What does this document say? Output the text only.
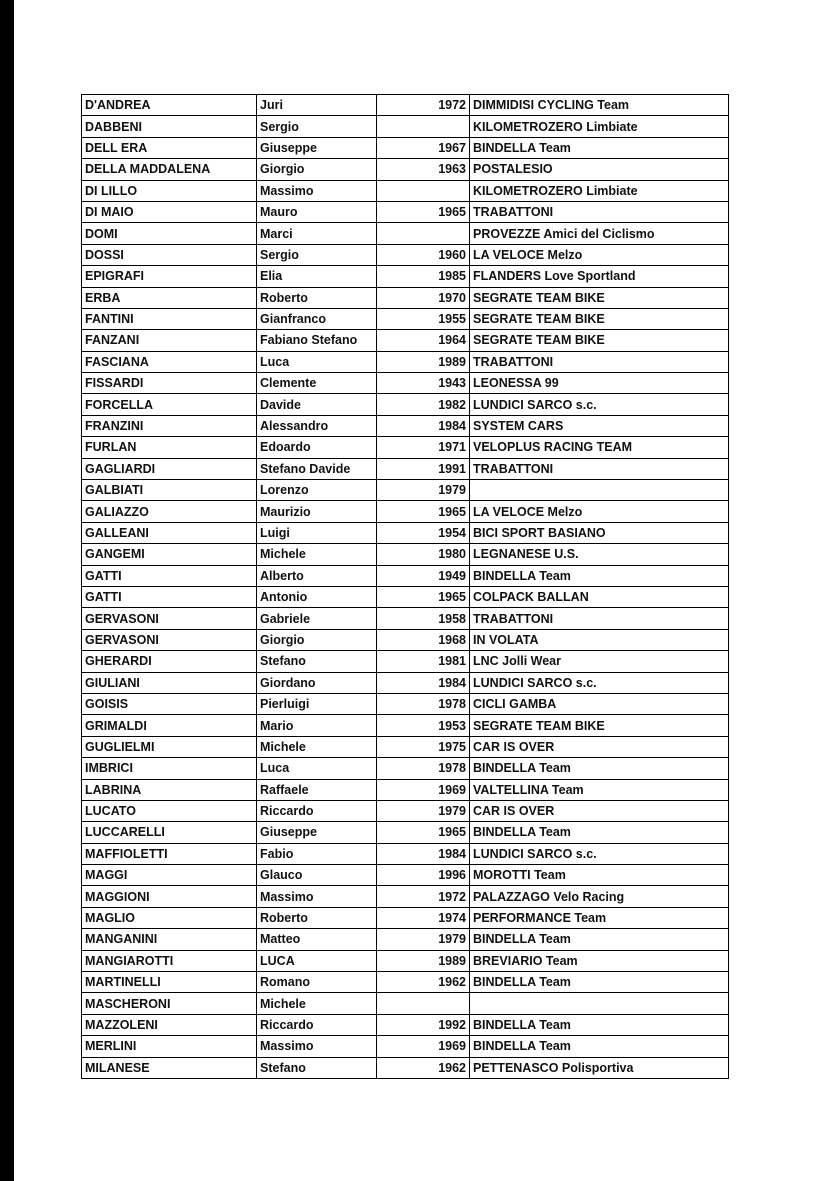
D'ANDREA	Juri	1972	DIMMIDISI CYCLING Team
DABBENI	Sergio		KILOMETROZERO Limbiate
DELL ERA	Giuseppe	1967	BINDELLA Team
DELLA MADDALENA	Giorgio	1963	POSTALESIO
DI LILLO	Massimo		KILOMETROZERO Limbiate
DI MAIO	Mauro	1965	TRABATTONI
DOMI	Marci		PROVEZZE Amici del Ciclismo
DOSSI	Sergio	1960	LA VELOCE Melzo
EPIGRAFI	Elia	1985	FLANDERS Love Sportland
ERBA	Roberto	1970	SEGRATE TEAM BIKE
FANTINI	Gianfranco	1955	SEGRATE TEAM BIKE
FANZANI	Fabiano Stefano	1964	SEGRATE TEAM BIKE
FASCIANA	Luca	1989	TRABATTONI
FISSARDI	Clemente	1943	LEONESSA 99
FORCELLA	Davide	1982	LUNDICI SARCO s.c.
FRANZINI	Alessandro	1984	SYSTEM CARS
FURLAN	Edoardo	1971	VELOPLUS RACING TEAM
GAGLIARDI	Stefano Davide	1991	TRABATTONI
GALBIATI	Lorenzo	1979	
GALIAZZO	Maurizio	1965	LA VELOCE Melzo
GALLEANI	Luigi	1954	BICI SPORT BASIANO
GANGEMI	Michele	1980	LEGNANESE U.S.
GATTI	Alberto	1949	BINDELLA Team
GATTI	Antonio	1965	COLPACK BALLAN
GERVASONI	Gabriele	1958	TRABATTONI
GERVASONI	Giorgio	1968	IN VOLATA
GHERARDI	Stefano	1981	LNC Jolli Wear
GIULIANI	Giordano	1984	LUNDICI SARCO s.c.
GOISIS	Pierluigi	1978	CICLI GAMBA
GRIMALDI	Mario	1953	SEGRATE TEAM BIKE
GUGLIELMI	Michele	1975	CAR IS OVER
IMBRICI	Luca	1978	BINDELLA Team
LABRINA	Raffaele	1969	VALTELLINA Team
LUCATO	Riccardo	1979	CAR IS OVER
LUCCARELLI	Giuseppe	1965	BINDELLA Team
MAFFIOLETTI	Fabio	1984	LUNDICI SARCO s.c.
MAGGI	Glauco	1996	MOROTTI Team
MAGGIONI	Massimo	1972	PALAZZAGO Velo Racing
MAGLIO	Roberto	1974	PERFORMANCE Team
MANGANINI	Matteo	1979	BINDELLA Team
MANGIAROTTI	LUCA	1989	BREVIARIO Team
MARTINELLI	Romano	1962	BINDELLA Team
MASCHERONI	Michele		
MAZZOLENI	Riccardo	1992	BINDELLA Team
MERLINI	Massimo	1969	BINDELLA Team
MILANESE	Stefano	1962	PETTENASCO Polisportiva
